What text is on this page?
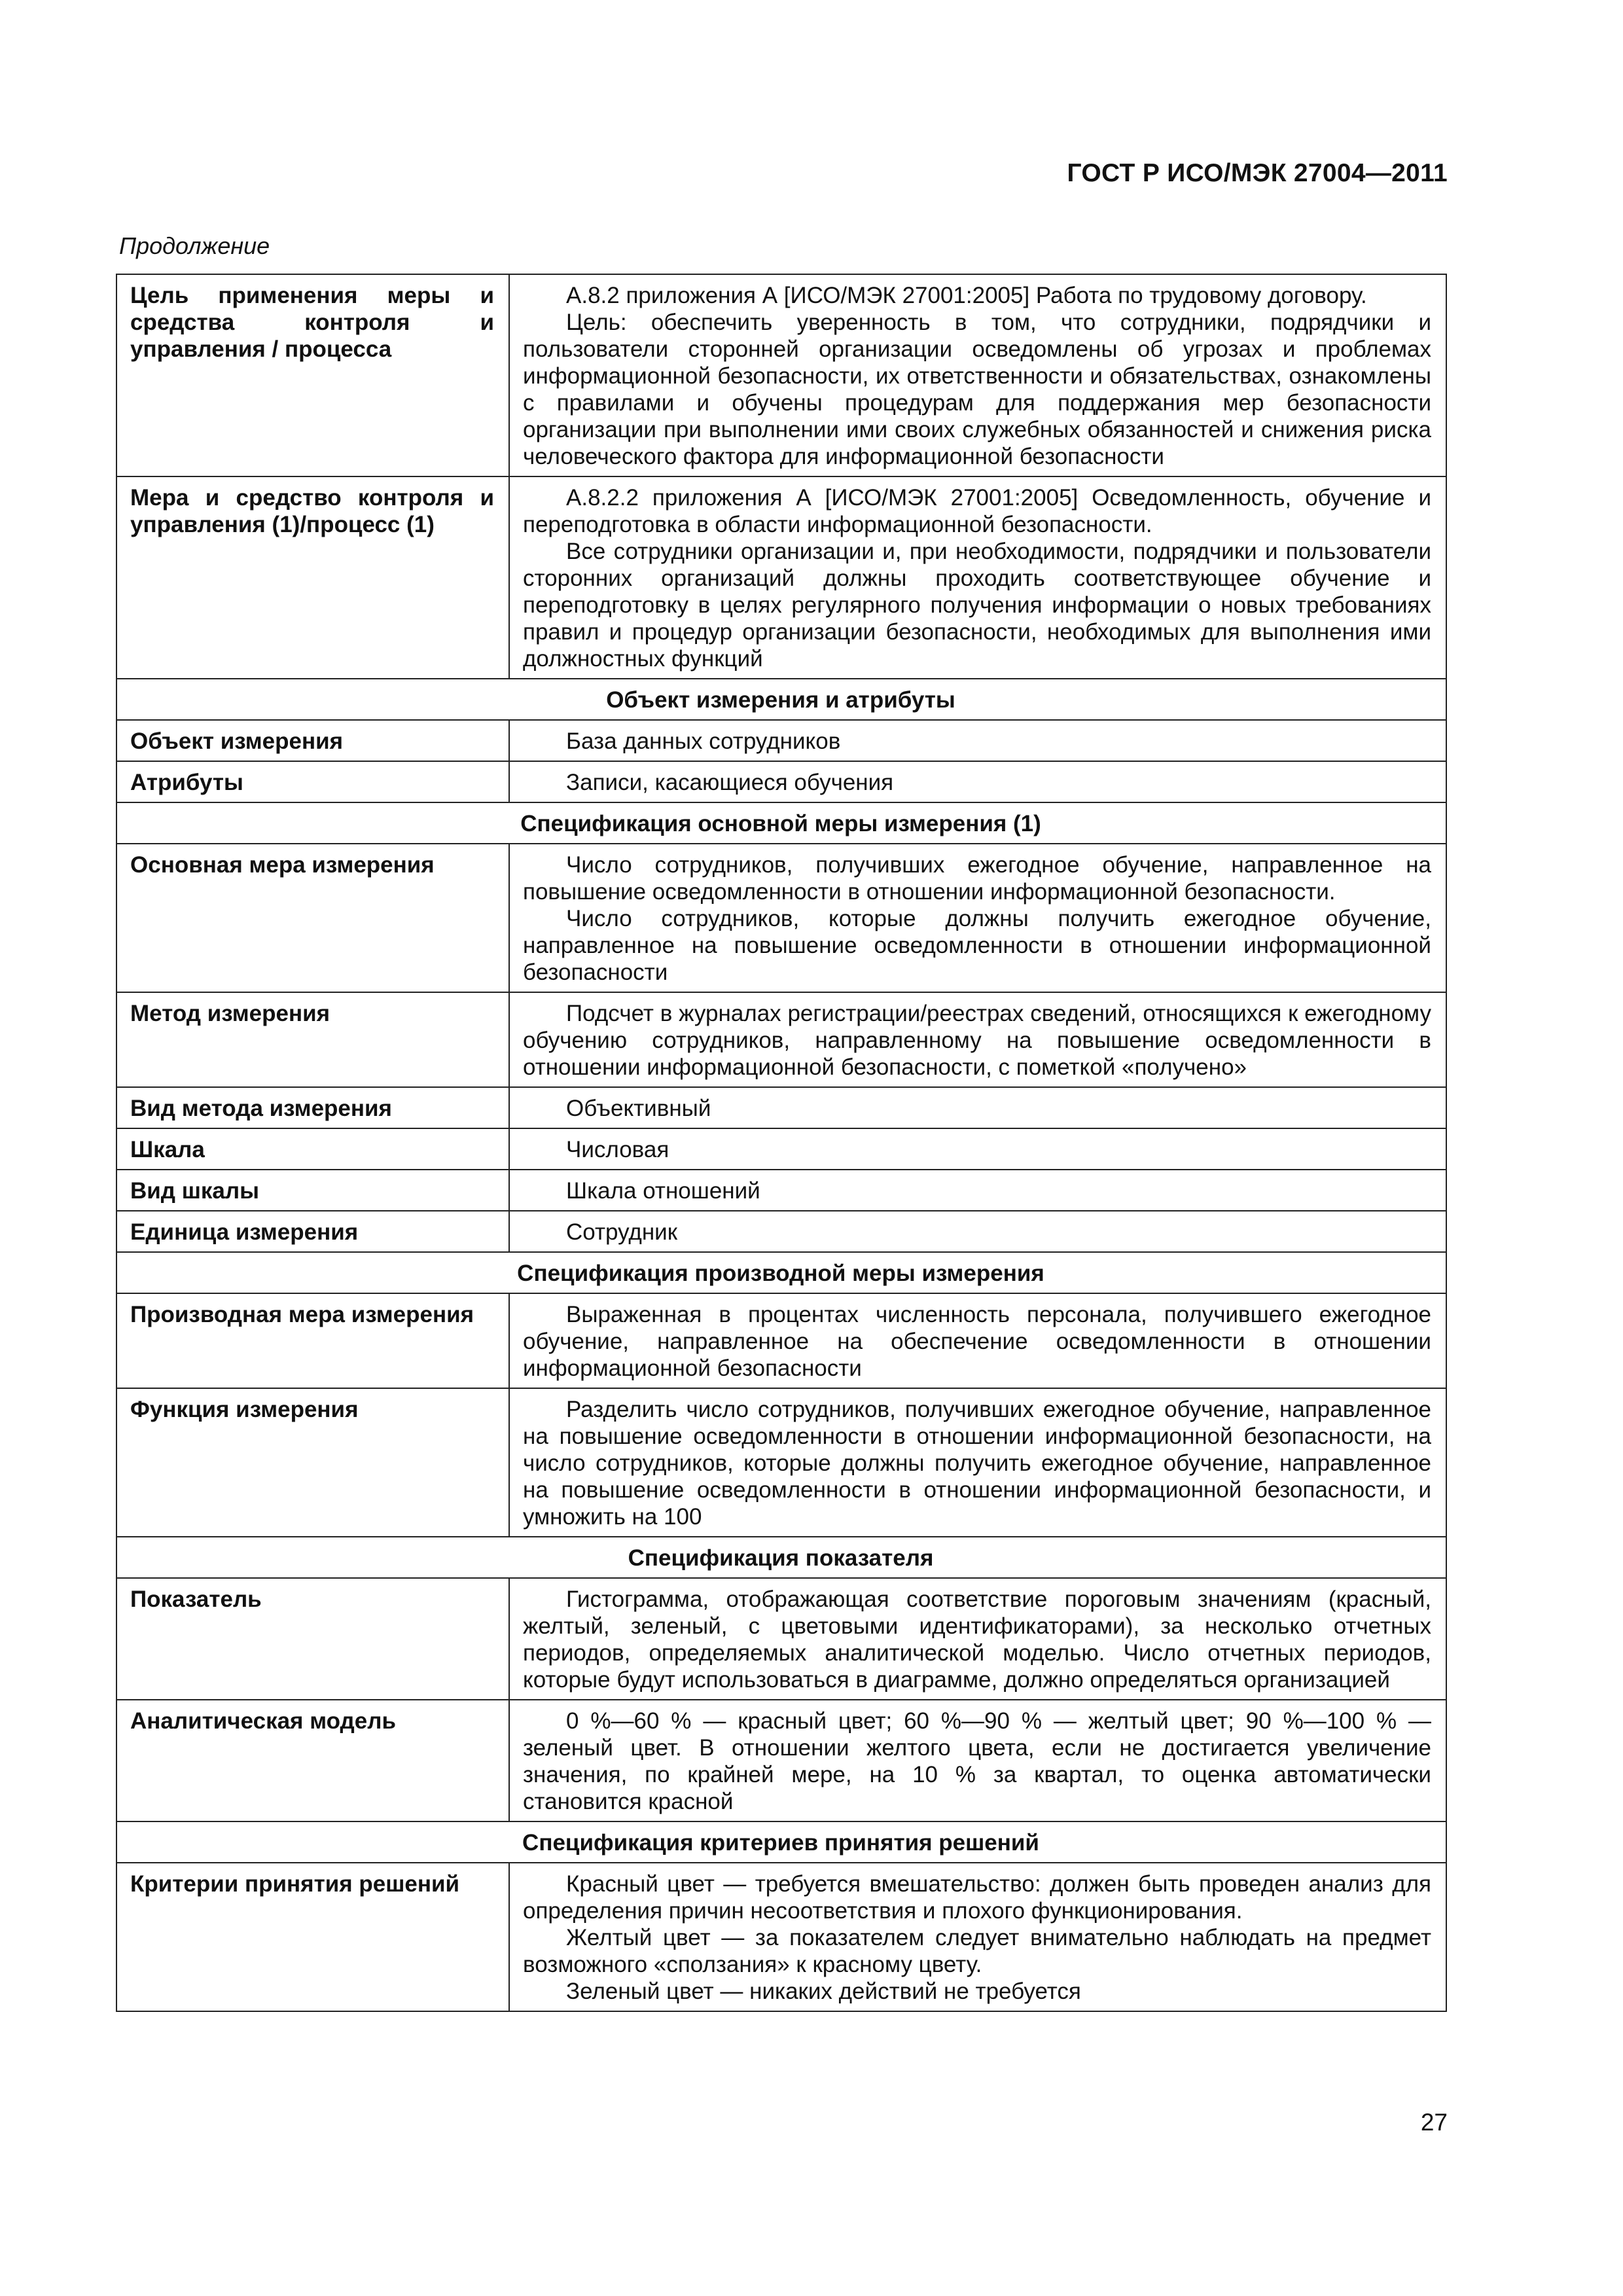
ГОСТ Р ИСО/МЭК 27004—2011

Продолжение

Цель применения меры и средства контроля и управления / процесса	А.8.2 приложения А [ИСО/МЭК 27001:2005] Работа по трудовому договору.

Цель: обеспечить уверенность в том, что сотрудники, подрядчики и пользователи сторонней организации осведомлены об угрозах и проблемах информационной безопасности, их ответственности и обязательствах, ознакомлены с правилами и обучены процедурам для поддержания мер безопасности организации при выполнении ими своих служебных обязанностей и снижения риска человеческого фактора для информационной безопасности

Мера и средство контроля и управления (1)/процесс (1)	А.8.2.2 приложения А [ИСО/МЭК 27001:2005] Осведомленность, обучение и переподготовка в области информационной безопасности.

Все сотрудники организации и, при необходимости, подрядчики и пользователи сторонних организаций должны проходить соответствующее обучение и переподготовку в целях регулярного получения информации о новых требованиях правил и процедур организации безопасности, необходимых для выполнения ими должностных функций

Объект измерения и атрибуты	
Объект измерения	База данных сотрудников

Атрибуты	Записи, касающиеся обучения

Спецификация основной меры измерения (1)	
Основная мера измерения	Число сотрудников, получивших ежегодное обучение, направленное на повышение осведомленности в отношении информационной безопасности.

Число сотрудников, которые должны получить ежегодное обучение, направленное на повышение осведомленности в отношении информационной безопасности

Метод измерения	Подсчет в журналах регистрации/реестрах сведений, относящихся к ежегодному обучению сотрудников, направленному на повышение осведомленности в отношении информационной безопасности, с пометкой «получено»

Вид метода измерения	Объективный

Шкала	Числовая

Вид шкалы	Шкала отношений

Единица измерения	Сотрудник

Спецификация производной меры измерения	
Производная мера измерения	Выраженная в процентах численность персонала, получившего ежегодное обучение, направленное на обеспечение осведомленности в отношении информационной безопасности

Функция измерения	Разделить число сотрудников, получивших ежегодное обучение, направленное на повышение осведомленности в отношении информационной безопасности, на число сотрудников, которые должны получить ежегодное обучение, направленное на повышение осведомленности в отношении информационной безопасности, и умножить на 100

Спецификация показателя	
Показатель	Гистограмма, отображающая соответствие пороговым значениям (красный, желтый, зеленый, с цветовыми идентификаторами), за несколько отчетных периодов, определяемых аналитической моделью. Число отчетных периодов, которые будут использоваться в диаграмме, должно определяться организацией

Аналитическая модель	0 %—60 % — красный цвет; 60 %—90 % — желтый цвет; 90 %—100 % — зеленый цвет. В отношении желтого цвета, если не достигается увеличение значения, по крайней мере, на 10 % за квартал, то оценка автоматически становится красной

Спецификация критериев принятия решений	
Критерии принятия решений	Красный цвет — требуется вмешательство: должен быть проведен анализ для определения причин несоответствия и плохого функционирования.

Желтый цвет — за показателем следует внимательно наблюдать на предмет возможного «сползания» к красному цвету.

Зеленый цвет — никаких действий не требуется

27
